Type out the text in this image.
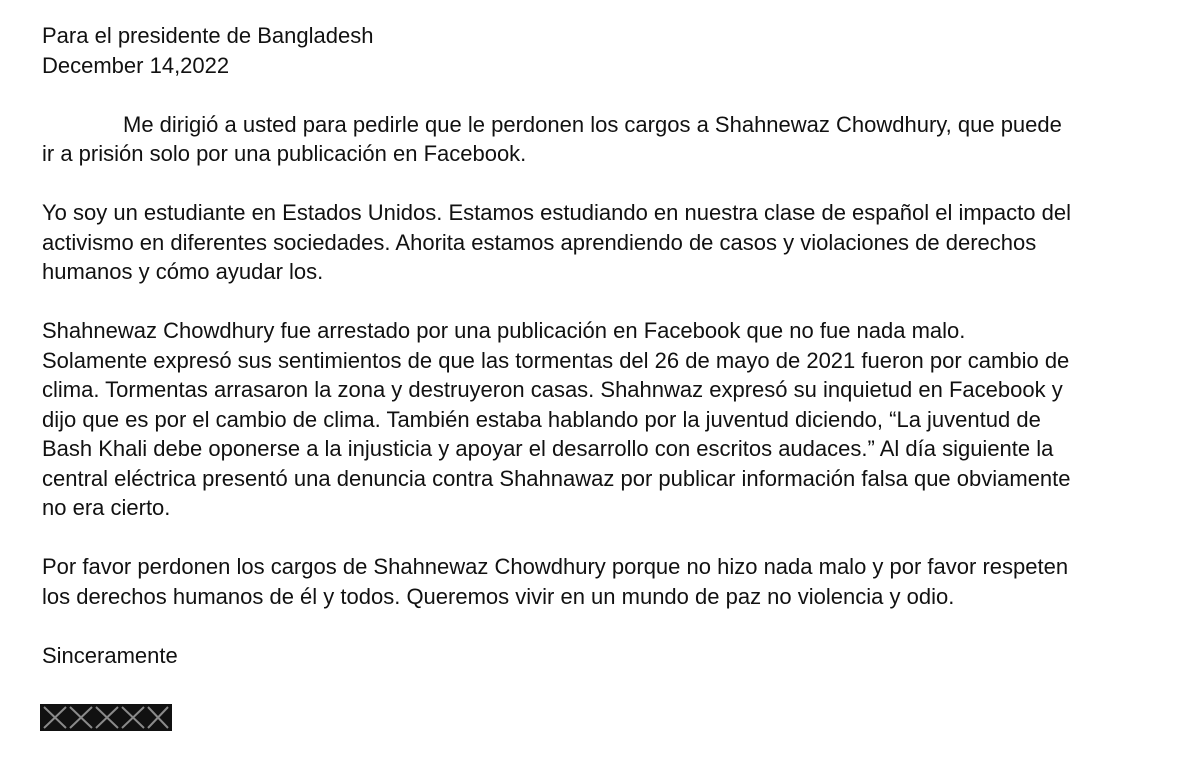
Para el presidente de Bangladesh

December 14,2022

Me dirigió a usted para pedirle que le perdonen los cargos a Shahnewaz Chowdhury, que puede
ir a prisión solo por una publicación en Facebook.

Yo soy un estudiante en Estados Unidos. Estamos estudiando en nuestra clase de español el impacto del
activismo en diferentes sociedades. Ahorita estamos aprendiendo de casos y violaciones de derechos
humanos y cómo ayudar los.

Shahnewaz Chowdhury fue arrestado por una publicación en Facebook que no fue nada malo.
Solamente expresó sus sentimientos de que las tormentas del 26 de mayo de 2021 fueron por cambio de
clima. Tormentas arrasaron la zona y destruyeron casas. Shahnwaz expresó su inquietud en Facebook y
dijo que es por el cambio de clima. También estaba hablando por la juventud diciendo, “La juventud de
Bash Khali debe oponerse a la injusticia y apoyar el desarrollo con escritos audaces.” Al día siguiente la
central eléctrica presentó una denuncia contra Shahnawaz por publicar información falsa que obviamente
no era cierto.

Por favor perdonen los cargos de Shahnewaz Chowdhury porque no hizo nada malo y por favor respeten
los derechos humanos de él y todos. Queremos vivir en un mundo de paz no violencia y odio.

Sinceramente
